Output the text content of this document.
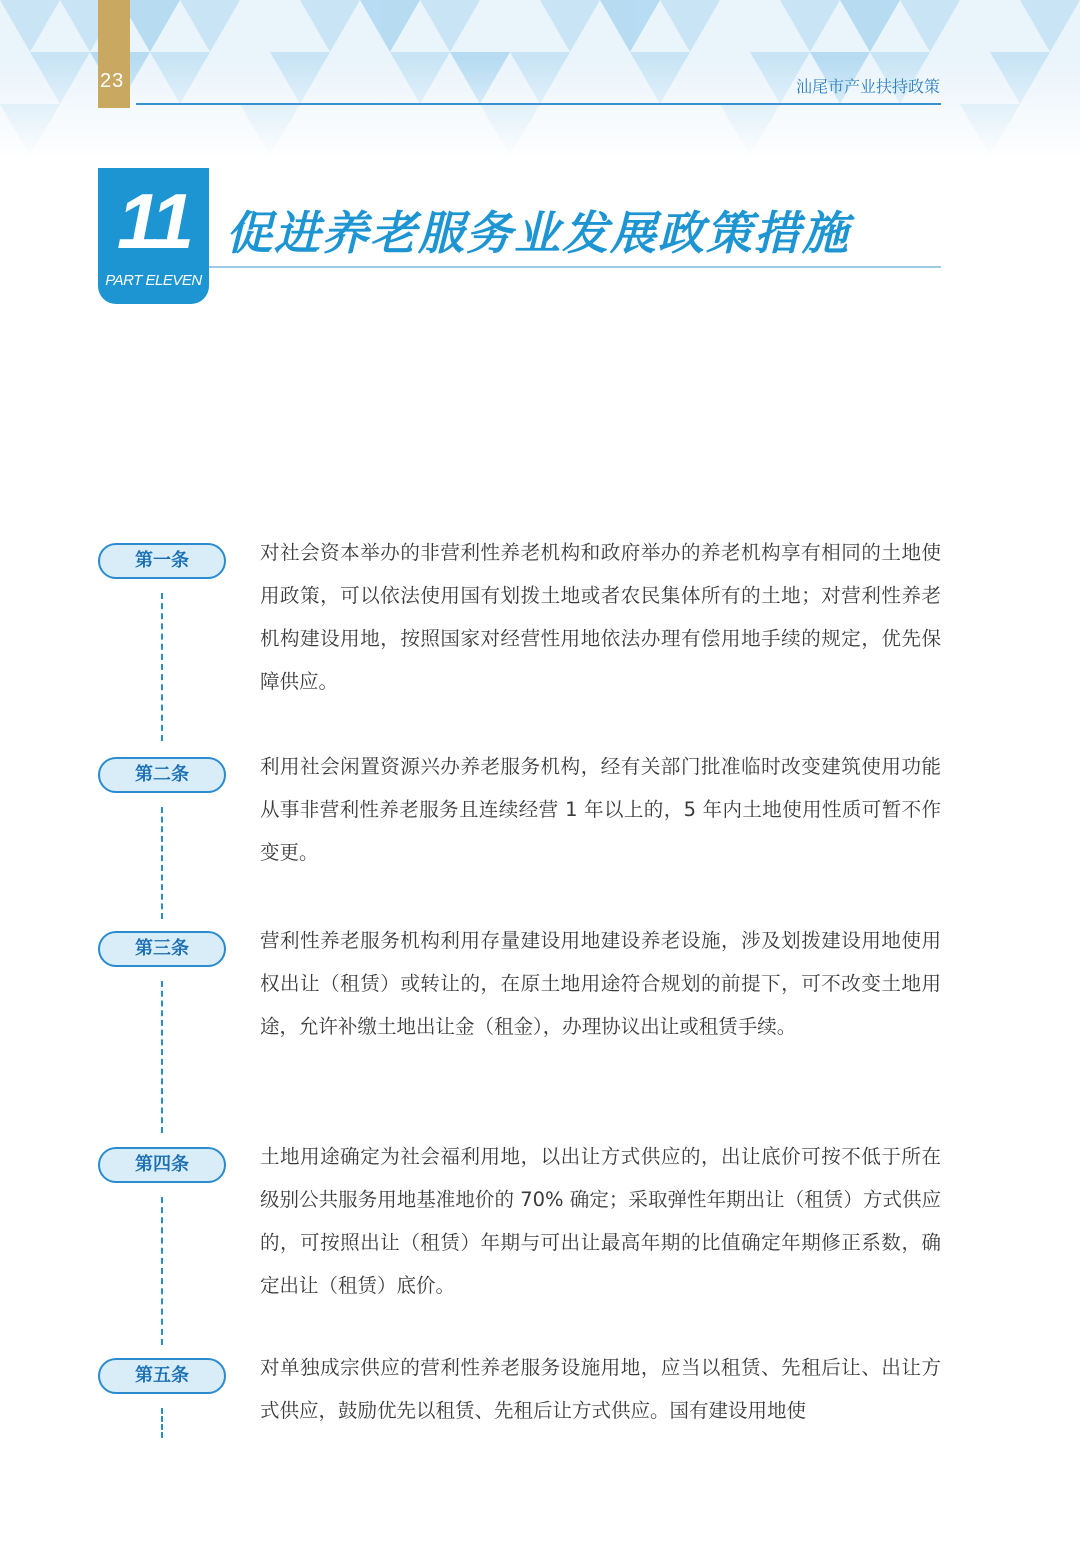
23	汕尾市产业扶持政策
11
PART ELEVEN
促进养老服务业发展政策措施
第一条	对社会资本举办的非营利性养老机构和政府举办的养老机构享有相同的土地使用政策，可以依法使用国有划拨土地或者农民集体所有的土地；对营利性养老机构建设用地，按照国家对经营性用地依法办理有偿用地手续的规定，优先保障供应。
第二条	利用社会闲置资源兴办养老服务机构，经有关部门批准临时改变建筑使用功能从事非营利性养老服务且连续经营 1 年以上的，5 年内土地使用性质可暂不作变更。
第三条	营利性养老服务机构利用存量建设用地建设养老设施，涉及划拨建设用地使用权出让（租赁）或转让的，在原土地用途符合规划的前提下，可不改变土地用途，允许补缴土地出让金（租金），办理协议出让或租赁手续。
第四条	土地用途确定为社会福利用地，以出让方式供应的，出让底价可按不低于所在级别公共服务用地基准地价的 70% 确定；采取弹性年期出让（租赁）方式供应的，可按照出让（租赁）年期与可出让最高年期的比值确定年期修正系数，确定出让（租赁）底价。
第五条	对单独成宗供应的营利性养老服务设施用地，应当以租赁、先租后让、出让方式供应，鼓励优先以租赁、先租后让方式供应。国有建设用地使
